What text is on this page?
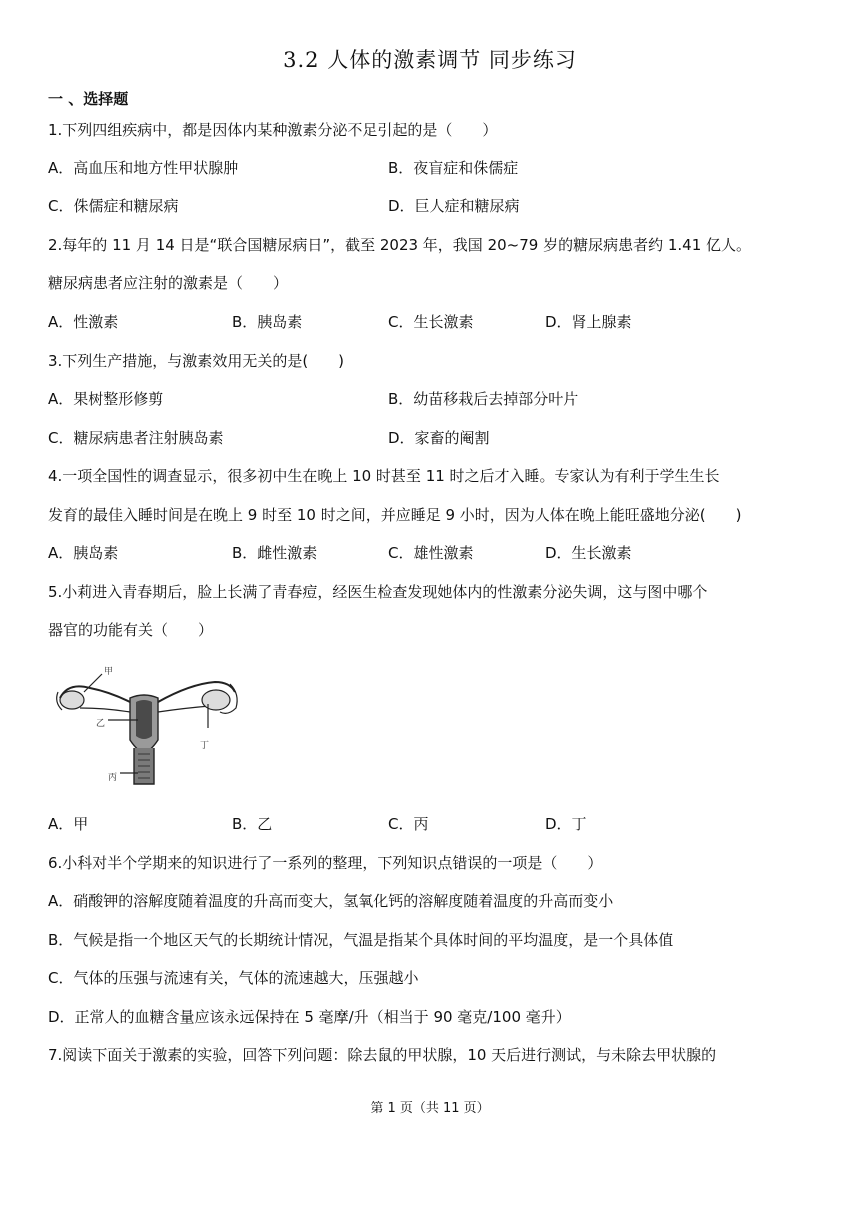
3.2 人体的激素调节 同步练习
一 、选择题
1.下列四组疾病中，都是因体内某种激素分泌不足引起的是（　　）
A．高血压和地方性甲状腺肿	B．夜盲症和侏儒症
C．侏儒症和糖尿病	D．巨人症和糖尿病
2.每年的 11 月 14 日是“联合国糖尿病日”，截至 2023 年，我国 20~79 岁的糖尿病患者约 1.41 亿人。
糖尿病患者应注射的激素是（　　）
A．性激素	B．胰岛素	C．生长激素	D．肾上腺素
3.下列生产措施，与激素效用无关的是(　　)
A．果树整形修剪	B．幼苗移栽后去掉部分叶片
C．糖尿病患者注射胰岛素	D．家畜的阉割
4.一项全国性的调查显示，很多初中生在晚上 10 时甚至 11 时之后才入睡。专家认为有利于学生生长
发育的最佳入睡时间是在晚上 9 时至 10 时之间，并应睡足 9 小时，因为人体在晚上能旺盛地分泌(　　)
A．胰岛素	B．雌性激素	C．雄性激素	D．生长激素
5.小莉进入青春期后，脸上长满了青春痘，经医生检查发现她体内的性激素分泌失调，这与图中哪个
器官的功能有关（　　）
甲
乙
丙
丁
A．甲	B．乙	C．丙	D．丁
6.小科对半个学期来的知识进行了一系列的整理，下列知识点错误的一项是（　　）
A．硝酸钾的溶解度随着温度的升高而变大，氢氧化钙的溶解度随着温度的升高而变小
B．气候是指一个地区天气的长期统计情况，气温是指某个具体时间的平均温度，是一个具体值
C．气体的压强与流速有关，气体的流速越大，压强越小
D．正常人的血糖含量应该永远保持在 5 毫摩/升（相当于 90 毫克/100 毫升）
7.阅读下面关于激素的实验，回答下列问题：除去鼠的甲状腺，10 天后进行测试，与未除去甲状腺的
第 1 页（共 11 页）
